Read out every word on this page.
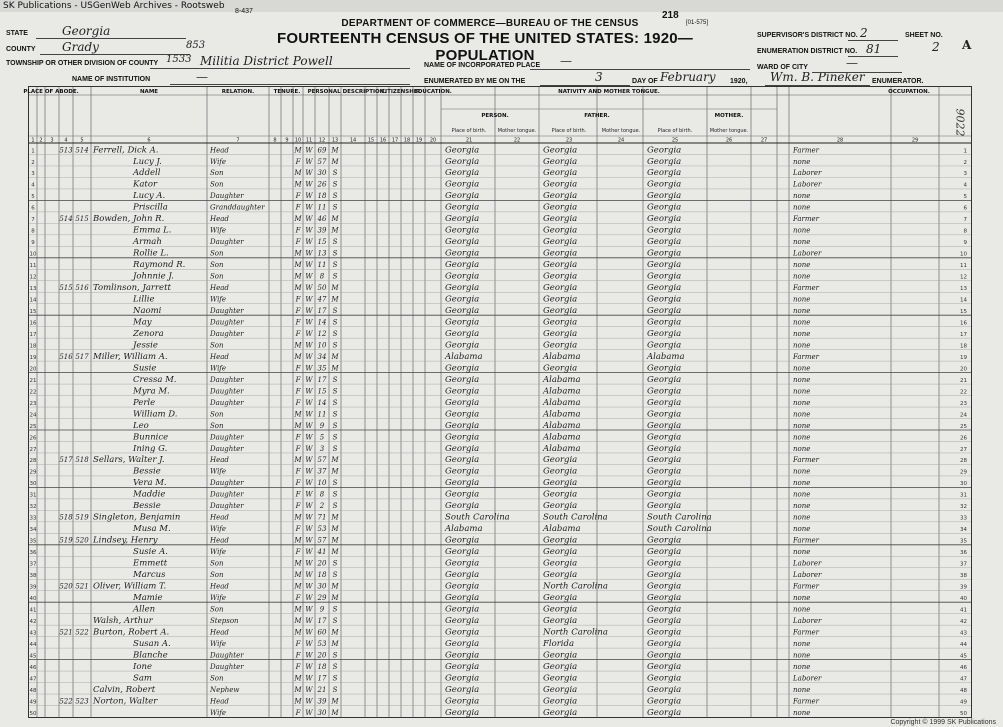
SK Publications - USGenWeb Archives - Rootsweb
8-437	218
[01-575]
DEPARTMENT OF COMMERCE—BUREAU OF THE CENSUS
FOURTEENTH CENSUS OF THE UNITED STATES: 1920—POPULATION
STATE	Georgia
COUNTY Grady	853
TOWNSHIP OR OTHER DIVISION OF COUNTY 1533 Militia District Powell
NAME OF INSTITUTION	—
NAME OF INCORPORATED PLACE —
ENUMERATED BY ME ON THE	3	DAY OF February 1920, Wm. B. Pineker ENUMERATOR.
SUPERVISOR'S DISTRICT NO. 2	SHEET NO.
2 A
ENUMERATION DISTRICT NO. 81
WARD OF CITY	—
9022
PLACE OF ABODE.	NAME	RELATION.	TENURE. PERSONAL DESCRIPTION.
CITIZENSHIP.
EDUCATION.	NATIVITY AND MOTHER TONGUE.	OCCUPATION.
PERSON.	FATHER.	MOTHER.
Place of birth. Mother tongue.	Place of birth.	Mother tongue.	Place of birth.	Mother tongue.
1 2 3 4	5	6	7	8 9 10 11 12 13 14 15 16 17 18 19 20	21	22	23	24	25	26	27	28	29
1	1
513 514 Ferrell, Dick A.	Head	M W 69 M	Georgia	Georgia	Georgia	Farmer
2	2
Lucy J.	Wife	F W 57 M	Georgia	Georgia	Georgia	none
3	3
Addell	Son	M W 30 S	Georgia	Georgia	Georgia	Laborer
4	4
Kator	Son	M W 26 S	Georgia	Georgia	Georgia	Laborer
5	5
Lucy A.	Daughter	F W 18 S	Georgia	Georgia	Georgia	none
6	6
Priscilla	Granddaughter	F W 11 S	Georgia	Georgia	Georgia	none
7	7
514 515 Bowden, John R.	Head	M W 46 M	Georgia	Georgia	Georgia	Farmer
8	8
Emma L.	Wife	F W 39 M	Georgia	Georgia	Georgia	none
9	9
Armah	Daughter	F W 15 S	Georgia	Georgia	Georgia	none
10	10
Rollie L.	Son	M W 13 S	Georgia	Georgia	Georgia	Laborer
11	11
Raymond R.	Son	M W 11 S	Georgia	Georgia	Georgia	none
12	12
Johnnie J.	Son	M W 8 S	Georgia	Georgia	Georgia	none
13	13
515 516 Tomlinson, Jarrett	Head	M W 50 M	Georgia	Georgia	Georgia	Farmer
14	14
Lillie	Wife	F W 47 M	Georgia	Georgia	Georgia	none
15	15
Naomi	Daughter	F W 17 S	Georgia	Georgia	Georgia	none
16	16
May	Daughter	F W 14 S	Georgia	Georgia	Georgia	none
17	17
Zenora	Daughter	F W 12 S	Georgia	Georgia	Georgia	none
18	18
Jessie	Son	M W 10 S	Georgia	Georgia	Georgia	none
19	19
516 517 Miller, William A.	Head	M W 34 M	Alabama	Alabama	Alabama	Farmer
20	20
Susie	Wife	F W 35 M	Georgia	Georgia	Georgia	none
21	21
Cressa M.	Daughter	F W 17 S	Georgia	Alabama	Georgia	none
22	22
Myra M.	Daughter	F W 15 S	Georgia	Alabama	Georgia	none
23	23
Perle	Daughter	F W 14 S	Georgia	Alabama	Georgia	none
24	24
William D.	Son	M W 11 S	Georgia	Alabama	Georgia	none
25	25
Leo	Son	M W 9 S	Georgia	Alabama	Georgia	none
26	26
Bunnice	Daughter	F W 5 S	Georgia	Alabama	Georgia	none
27	27
Ining G.	Daughter	F W 3 S	Georgia	Alabama	Georgia	none
28	28
517 518 Sellars, Walter J.	Head	M W 57 M	Georgia	Georgia	Georgia	Farmer
29	29
Bessie	Wife	F W 37 M	Georgia	Georgia	Georgia	none
30	30
Vera M.	Daughter	F W 10 S	Georgia	Georgia	Georgia	none
31	31
Maddie	Daughter	F W 8 S	Georgia	Georgia	Georgia	none
32	32
Bessie	Daughter	F W 2 S	Georgia	Georgia	Georgia	none
33	33
518 519 Singleton, Benjamin	Head	M W 71 M	South Carolina	South Carolina	South Carolina	none
34	34
Musa M.	Wife	F W 53 M	Alabama	Alabama	South Carolina	none
35	35
519 520 Lindsey, Henry	Head	M W 57 M	Georgia	Georgia	Georgia	Farmer
36	36
Susie A.	Wife	F W 41 M	Georgia	Georgia	Georgia	none
37	37
Emmett	Son	M W 20 S	Georgia	Georgia	Georgia	Laborer
38	38
Marcus	Son	M W 18 S	Georgia	Georgia	Georgia	Laborer
39	39
520 521 Oliver, William T.	Head	M W 30 M	Georgia	North Carolina	Georgia	Farmer
40	40
Mamie	Wife	F W 29 M	Georgia	Georgia	Georgia	none
41	41
Allen	Son	M W 9 S	Georgia	Georgia	Georgia	none
42	42
Walsh, Arthur	Stepson	M W 17 S	Georgia	Georgia	Georgia	Laborer
43	43
521 522 Burton, Robert A.	Head	M W 60 M	Georgia	North Carolina	Georgia	Farmer
44	44
Susan A.	Wife	F W 53 M	Georgia	Florida	Georgia	none
45	45
Blanche	Daughter	F W 20 S	Georgia	Georgia	Georgia	none
46	46
Ione	Daughter	F W 18 S	Georgia	Georgia	Georgia	none
47	47
Sam	Son	M W 17 S	Georgia	Georgia	Georgia	Laborer
48	48
Calvin, Robert	Nephew	M W 21 S	Georgia	Georgia	Georgia	none
49	49
522 523 Norton, Walter	Head	M W 39 M	Georgia	Georgia	Georgia	Farmer
50	50
Wife	F W 30 M	Georgia	Georgia	Georgia	none
Copyright © 1999 SK Publications
